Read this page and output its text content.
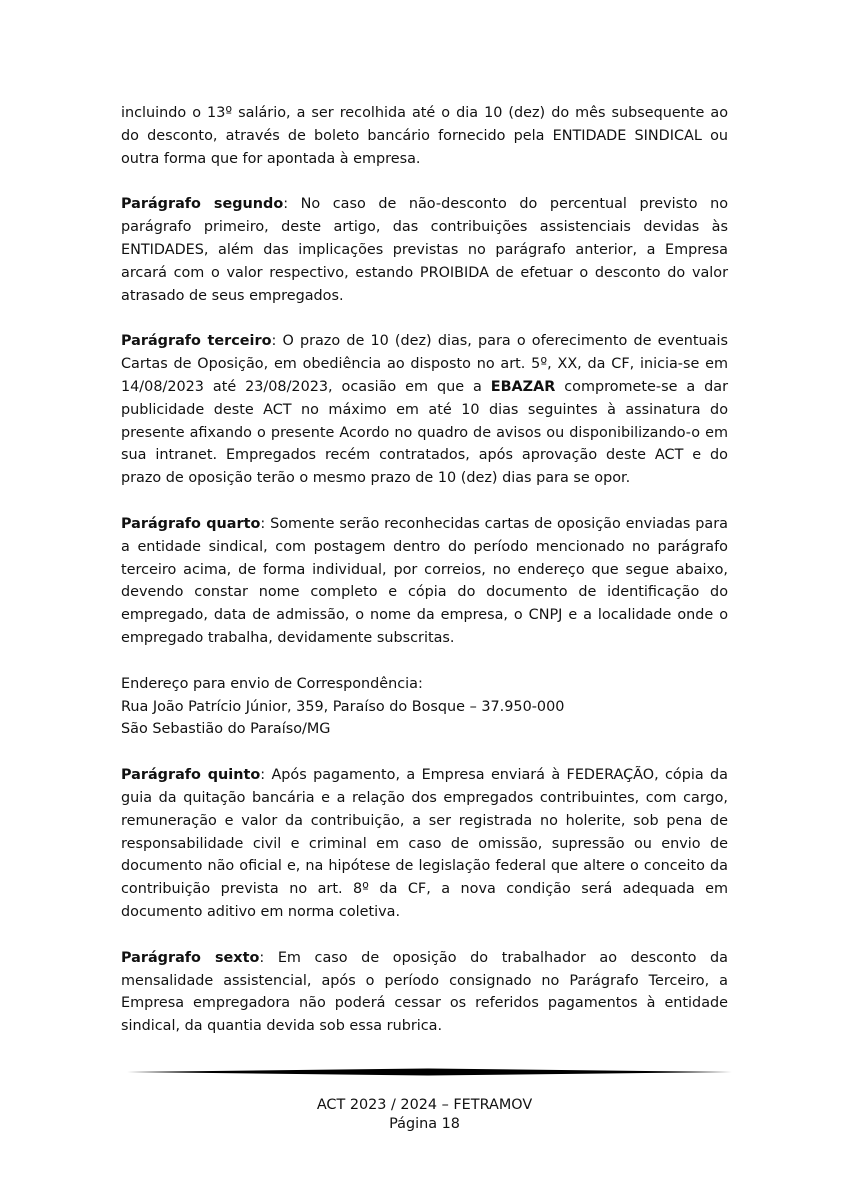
incluindo o 13º salário, a ser recolhida até o dia 10 (dez) do mês subsequente ao do desconto, através de boleto bancário fornecido pela ENTIDADE SINDICAL ou outra forma que for apontada à empresa.

Parágrafo segundo: No caso de não-desconto do percentual previsto no parágrafo primeiro, deste artigo, das contribuições assistenciais devidas às ENTIDADES, além das implicações previstas no parágrafo anterior, a Empresa arcará com o valor respectivo, estando PROIBIDA de efetuar o desconto do valor atrasado de seus empregados.

Parágrafo terceiro: O prazo de 10 (dez) dias, para o oferecimento de eventuais Cartas de Oposição, em obediência ao disposto no art. 5º, XX, da CF, inicia-se em 14/08/2023 até 23/08/2023, ocasião em que a EBAZAR compromete-se a dar publicidade deste ACT no máximo em até 10 dias seguintes à assinatura do presente afixando o presente Acordo no quadro de avisos ou disponibilizando-o em sua intranet. Empregados recém contratados, após aprovação deste ACT e do prazo de oposição terão o mesmo prazo de 10 (dez) dias para se opor.

Parágrafo quarto: Somente serão reconhecidas cartas de oposição enviadas para a entidade sindical, com postagem dentro do período mencionado no parágrafo terceiro acima, de forma individual, por correios, no endereço que segue abaixo, devendo constar nome completo e cópia do documento de identificação do empregado, data de admissão, o nome da empresa, o CNPJ e a localidade onde o empregado trabalha, devidamente subscritas.

Endereço para envio de Correspondência:
Rua João Patrício Júnior, 359, Paraíso do Bosque – 37.950-000
São Sebastião do Paraíso/MG

Parágrafo quinto: Após pagamento, a Empresa enviará à FEDERAÇÃO, cópia da guia da quitação bancária e a relação dos empregados contribuintes, com cargo, remuneração e valor da contribuição, a ser registrada no holerite, sob pena de responsabilidade civil e criminal em caso de omissão, supressão ou envio de documento não oficial e, na hipótese de legislação federal que altere o conceito da contribuição prevista no art. 8º da CF, a nova condição será adequada em documento aditivo em norma coletiva.

Parágrafo sexto: Em caso de oposição do trabalhador ao desconto da mensalidade assistencial, após o período consignado no Parágrafo Terceiro, a Empresa empregadora não poderá cessar os referidos pagamentos à entidade sindical, da quantia devida sob essa rubrica.

ACT 2023 / 2024 – FETRAMOV
Página 18
